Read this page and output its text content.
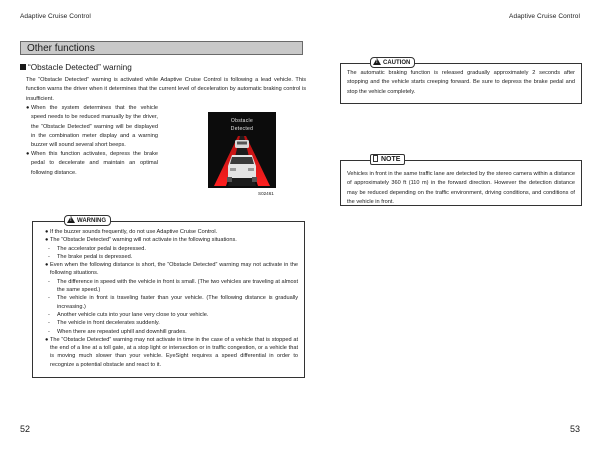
Adaptive Cruise Control	Adaptive Cruise Control
Other functions
“Obstacle Detected” warning

The “Obstacle Detected” warning is activated while Adaptive Cruise Control is following a lead vehicle. This function warns the driver when it determines that the current level of deceleration by automatic braking control is insufficient.

● When the system determines that the vehicle speed needs to be reduced manually by the driver, the “Obstacle Detected” warning will be displayed in the combination meter display and a warning buzzer will sound several short beeps.
● When this function activates, depress the brake pedal to decelerate and maintain an optimal following distance.
Obstacle
Detected
S02461
!WARNING
● If the buzzer sounds frequently, do not use Adaptive Cruise Control.
● The “Obstacle Detected” warning will not activate in the following situations.
- The accelerator pedal is depressed.
- The brake pedal is depressed.
● Even when the following distance is short, the “Obstacle Detected” warning may not activate in the following situations.
- The difference in speed with the vehicle in front is small. (The two vehicles are traveling at almost the same speed.)
- The vehicle in front is traveling faster than your vehicle. (The following distance is gradually increasing.)
- Another vehicle cuts into your lane very close to your vehicle.
- The vehicle in front decelerates suddenly.
- When there are repeated uphill and downhill grades.
● The “Obstacle Detected” warning may not activate in time in the case of a vehicle that is stopped at the end of a line at a toll gate, at a stop light or intersection or in traffic congestion, or a vehicle that is moving much slower than your vehicle. EyeSight requires a speed differential in order to recognize a potential obstacle and react to it.
!CAUTION
The automatic braking function is released gradually approximately 2 seconds after stopping and the vehicle starts creeping forward. Be sure to depress the brake pedal and stop the vehicle completely.
NOTE
Vehicles in front in the same traffic lane are detected by the stereo camera within a distance of approximately 360 ft (110 m) in the forward direction. However the detection distance may be reduced depending on the traffic environment, driving conditions, and conditions of the vehicle in front.
52	53
